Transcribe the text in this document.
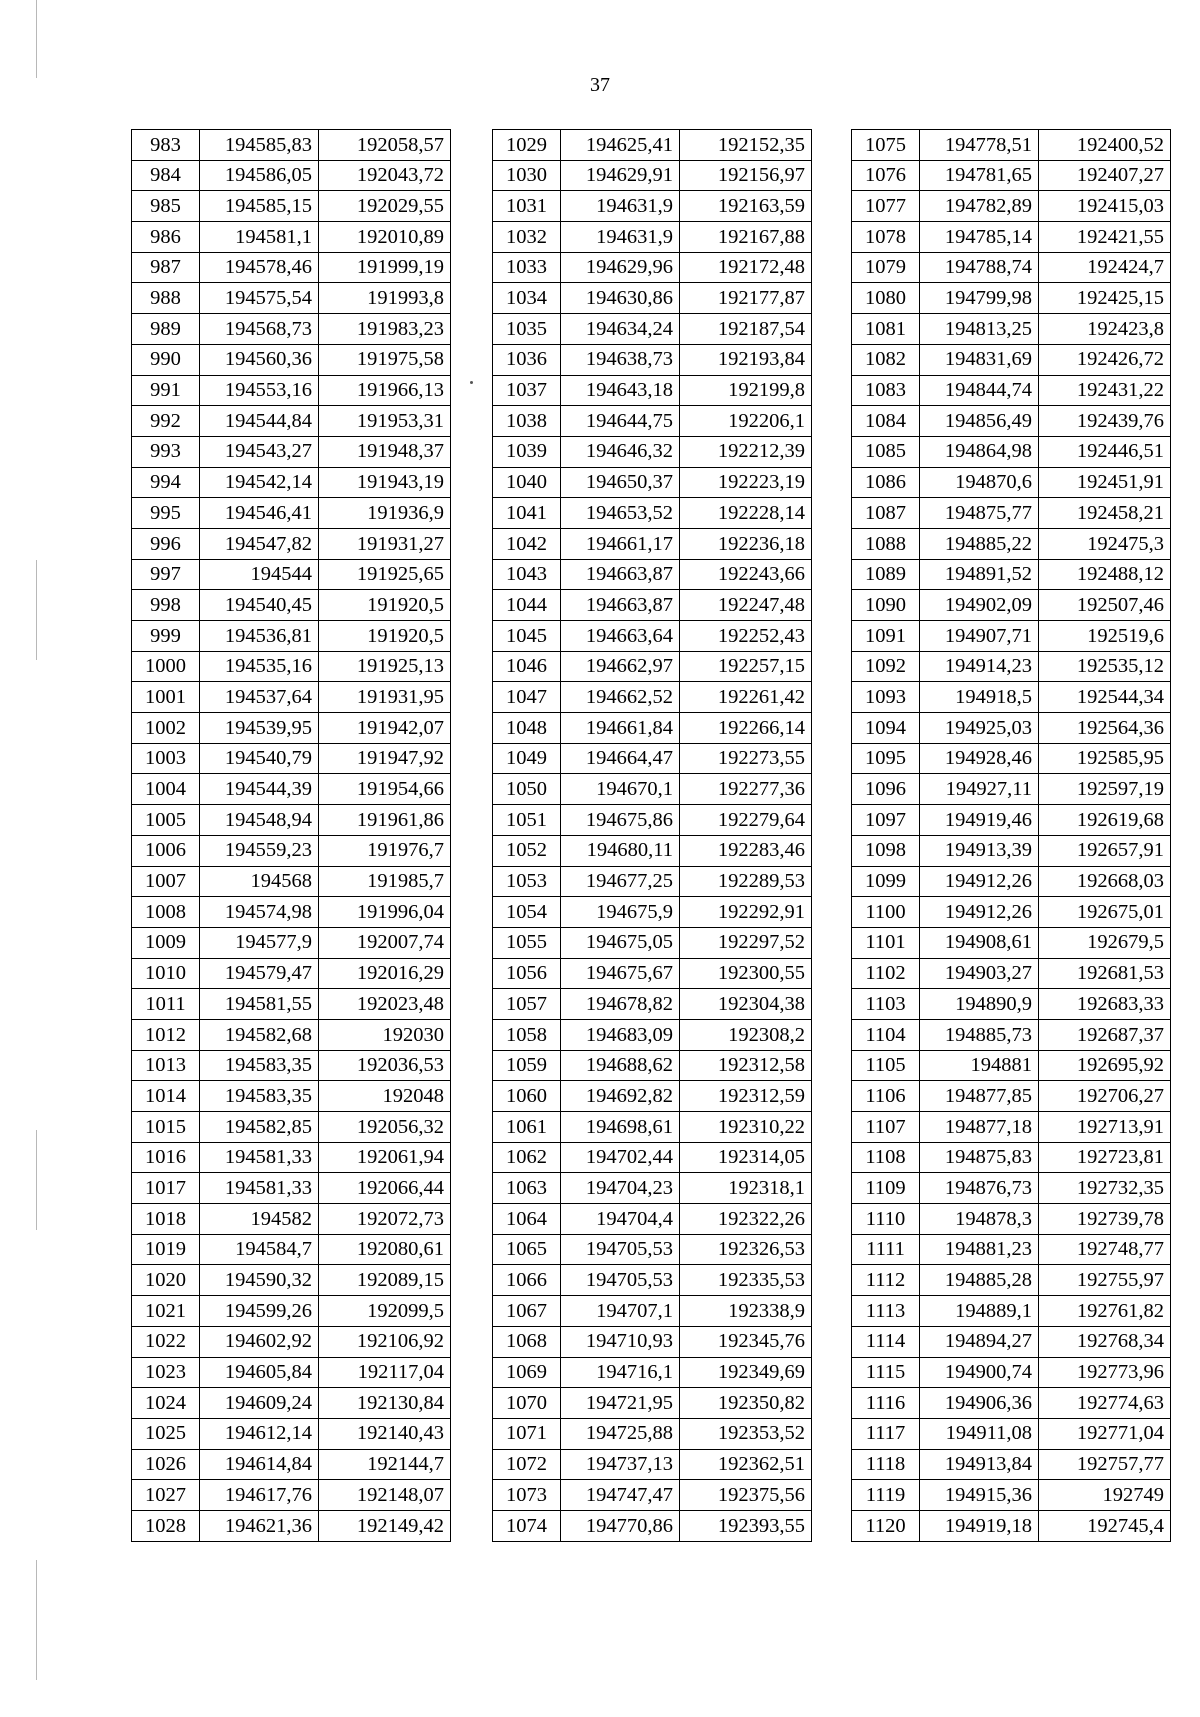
37
983	194585,83	192058,57
984	194586,05	192043,72
985	194585,15	192029,55
986	194581,1	192010,89
987	194578,46	191999,19
988	194575,54	191993,8
989	194568,73	191983,23
990	194560,36	191975,58
991	194553,16	191966,13
992	194544,84	191953,31
993	194543,27	191948,37
994	194542,14	191943,19
995	194546,41	191936,9
996	194547,82	191931,27
997	194544	191925,65
998	194540,45	191920,5
999	194536,81	191920,5
1000	194535,16	191925,13
1001	194537,64	191931,95
1002	194539,95	191942,07
1003	194540,79	191947,92
1004	194544,39	191954,66
1005	194548,94	191961,86
1006	194559,23	191976,7
1007	194568	191985,7
1008	194574,98	191996,04
1009	194577,9	192007,74
1010	194579,47	192016,29
1011	194581,55	192023,48
1012	194582,68	192030
1013	194583,35	192036,53
1014	194583,35	192048
1015	194582,85	192056,32
1016	194581,33	192061,94
1017	194581,33	192066,44
1018	194582	192072,73
1019	194584,7	192080,61
1020	194590,32	192089,15
1021	194599,26	192099,5
1022	194602,92	192106,92
1023	194605,84	192117,04
1024	194609,24	192130,84
1025	194612,14	192140,43
1026	194614,84	192144,7
1027	194617,76	192148,07
1028	194621,36	192149,42
1029	194625,41	192152,35
1030	194629,91	192156,97
1031	194631,9	192163,59
1032	194631,9	192167,88
1033	194629,96	192172,48
1034	194630,86	192177,87
1035	194634,24	192187,54
1036	194638,73	192193,84
1037	194643,18	192199,8
1038	194644,75	192206,1
1039	194646,32	192212,39
1040	194650,37	192223,19
1041	194653,52	192228,14
1042	194661,17	192236,18
1043	194663,87	192243,66
1044	194663,87	192247,48
1045	194663,64	192252,43
1046	194662,97	192257,15
1047	194662,52	192261,42
1048	194661,84	192266,14
1049	194664,47	192273,55
1050	194670,1	192277,36
1051	194675,86	192279,64
1052	194680,11	192283,46
1053	194677,25	192289,53
1054	194675,9	192292,91
1055	194675,05	192297,52
1056	194675,67	192300,55
1057	194678,82	192304,38
1058	194683,09	192308,2
1059	194688,62	192312,58
1060	194692,82	192312,59
1061	194698,61	192310,22
1062	194702,44	192314,05
1063	194704,23	192318,1
1064	194704,4	192322,26
1065	194705,53	192326,53
1066	194705,53	192335,53
1067	194707,1	192338,9
1068	194710,93	192345,76
1069	194716,1	192349,69
1070	194721,95	192350,82
1071	194725,88	192353,52
1072	194737,13	192362,51
1073	194747,47	192375,56
1074	194770,86	192393,55
1075	194778,51	192400,52
1076	194781,65	192407,27
1077	194782,89	192415,03
1078	194785,14	192421,55
1079	194788,74	192424,7
1080	194799,98	192425,15
1081	194813,25	192423,8
1082	194831,69	192426,72
1083	194844,74	192431,22
1084	194856,49	192439,76
1085	194864,98	192446,51
1086	194870,6	192451,91
1087	194875,77	192458,21
1088	194885,22	192475,3
1089	194891,52	192488,12
1090	194902,09	192507,46
1091	194907,71	192519,6
1092	194914,23	192535,12
1093	194918,5	192544,34
1094	194925,03	192564,36
1095	194928,46	192585,95
1096	194927,11	192597,19
1097	194919,46	192619,68
1098	194913,39	192657,91
1099	194912,26	192668,03
1100	194912,26	192675,01
1101	194908,61	192679,5
1102	194903,27	192681,53
1103	194890,9	192683,33
1104	194885,73	192687,37
1105	194881	192695,92
1106	194877,85	192706,27
1107	194877,18	192713,91
1108	194875,83	192723,81
1109	194876,73	192732,35
1110	194878,3	192739,78
1111	194881,23	192748,77
1112	194885,28	192755,97
1113	194889,1	192761,82
1114	194894,27	192768,34
1115	194900,74	192773,96
1116	194906,36	192774,63
1117	194911,08	192771,04
1118	194913,84	192757,77
1119	194915,36	192749
1120	194919,18	192745,4
